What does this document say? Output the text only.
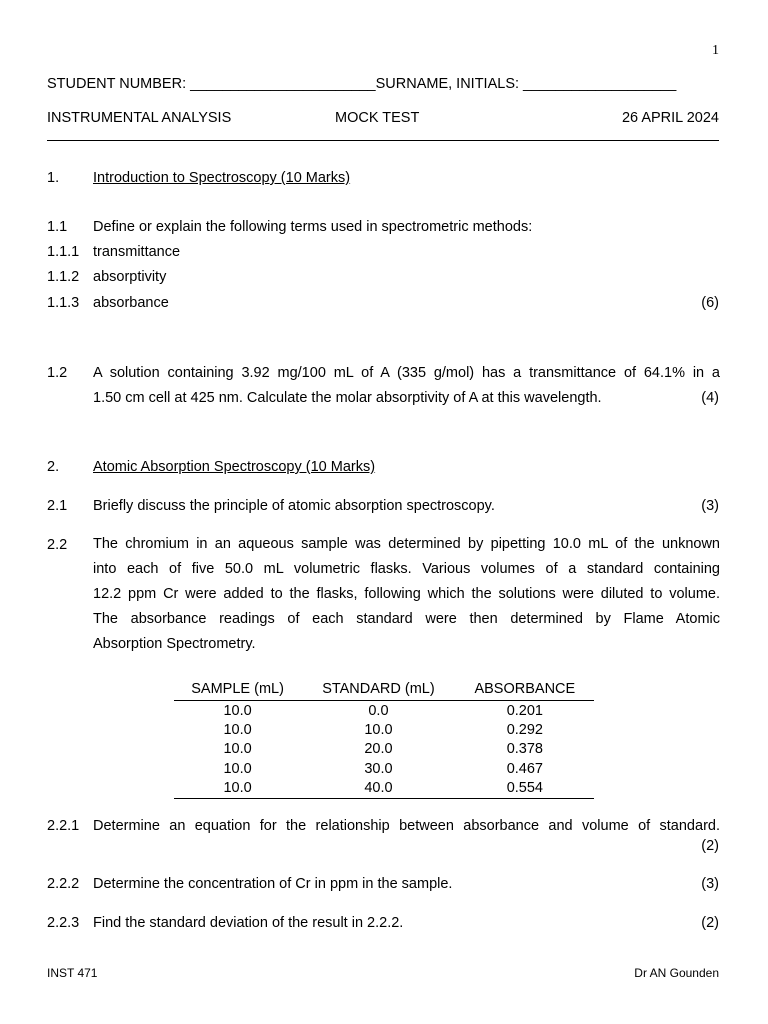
1
STUDENT NUMBER: _______________________SURNAME, INITIALS: ___________________
INSTRUMENTAL ANALYSIS	MOCK TEST	26 APRIL 2024
1. Introduction to Spectroscopy (10 Marks)
1.1 Define or explain the following terms used in spectrometric methods:
1.1.1 transmittance
1.1.2 absorptivity
1.1.3 absorbance	(6)
1.2 A solution containing 3.92 mg/100 mL of A (335 g/mol) has a transmittance of 64.1% in a
1.50 cm cell at 425 nm. Calculate the molar absorptivity of A at this wavelength.	(4)
2. Atomic Absorption Spectroscopy (10 Marks)
2.1 Briefly discuss the principle of atomic absorption spectroscopy.	(3)
2.2 The chromium in an aqueous sample was determined by pipetting 10.0 mL of the unknown
into each of five 50.0 mL volumetric flasks. Various volumes of a standard containing
12.2 ppm Cr were added to the flasks, following which the solutions were diluted to volume.
The absorbance readings of each standard were then determined by Flame Atomic
Absorption Spectrometry.
SAMPLE (mL)	STANDARD (mL)	ABSORBANCE
10.0	0.0	0.201
10.0	10.0	0.292
10.0	20.0	0.378
10.0	30.0	0.467
10.0	40.0	0.554
2.2.1 Determine an equation for the relationship between absorbance and volume of standard.
(2)
2.2.2 Determine the concentration of Cr in ppm in the sample.	(3)
2.2.3 Find the standard deviation of the result in 2.2.2.	(2)
INST 471	Dr AN Gounden
